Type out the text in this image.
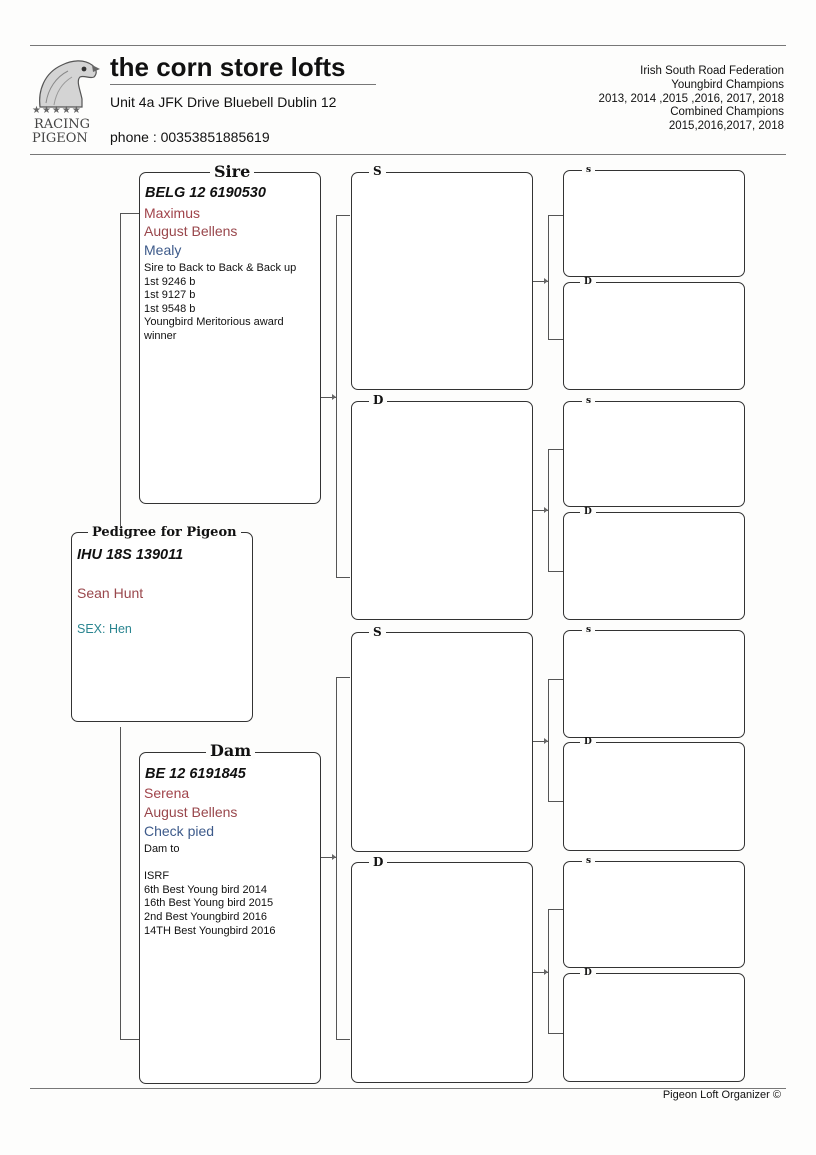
★★★★★
RACING
PIGEON
the corn store lofts
Unit 4a JFK Drive Bluebell Dublin 12
phone : 00353851885619
Irish South Road Federation
Youngbird Champions
2013, 2014 ,2015 ,2016, 2017, 2018
Combined Champions
2015,2016,2017, 2018
BELG 12 6190530
Maximus
August Bellens
Mealy
Sire to Back to Back & Back up
1st 9246 b
1st 9127 b
1st 9548 b
Youngbird Meritorious award
winner
Sire
IHU 18S 139011
Sean Hunt
SEX: Hen
Pedigree for Pigeon
BE 12 6191845
Serena
August Bellens
Check pied
Dam to

ISRF
6th Best Young bird 2014
16th Best Young bird 2015
2nd Best Youngbird 2016
14TH Best Youngbird 2016
Dam
S
D
S
D
s
D
s
D
s
D
s
D
Pigeon Loft Organizer ©
